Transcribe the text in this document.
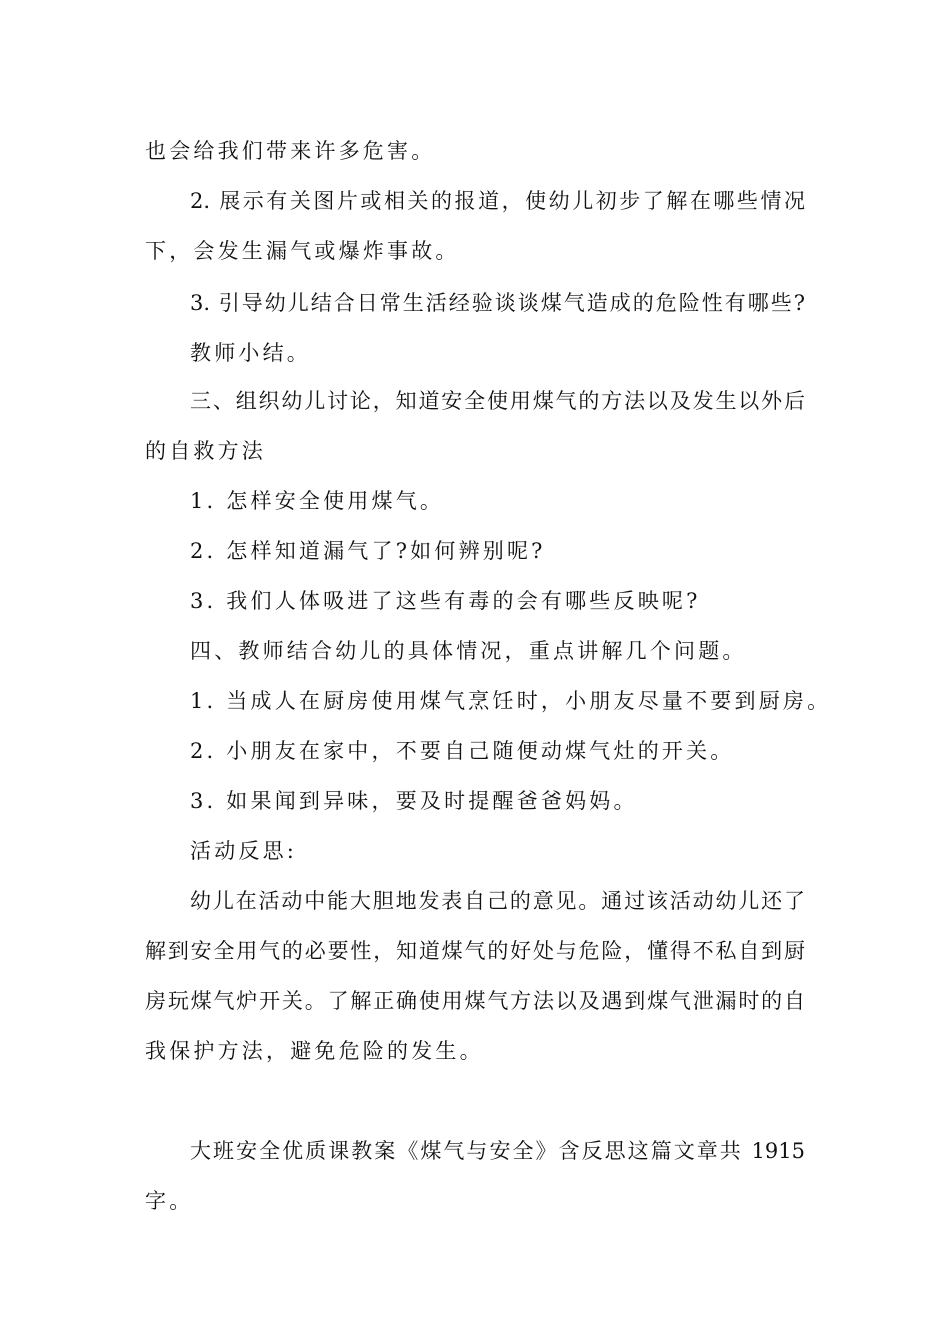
也会给我们带来许多危害。
2. 展示有关图片或相关的报道，使幼儿初步了解在哪些情况
下，会发生漏气或爆炸事故。
3. 引导幼儿结合日常生活经验谈谈煤气造成的危险性有哪些?
教师小结。
三、组织幼儿讨论，知道安全使用煤气的方法以及发生以外后
的自救方法
1. 怎样安全使用煤气。
2. 怎样知道漏气了?如何辨别呢?
3. 我们人体吸进了这些有毒的会有哪些反映呢?
四、教师结合幼儿的具体情况，重点讲解几个问题。
1. 当成人在厨房使用煤气烹饪时，小朋友尽量不要到厨房。
2. 小朋友在家中，不要自己随便动煤气灶的开关。
3. 如果闻到异味，要及时提醒爸爸妈妈。
活动反思:
幼儿在活动中能大胆地发表自己的意见。通过该活动幼儿还了
解到安全用气的必要性，知道煤气的好处与危险，懂得不私自到厨
房玩煤气炉开关。了解正确使用煤气方法以及遇到煤气泄漏时的自
我保护方法，避免危险的发生。
大班安全优质课教案《煤气与安全》含反思这篇文章共 1915
字。
